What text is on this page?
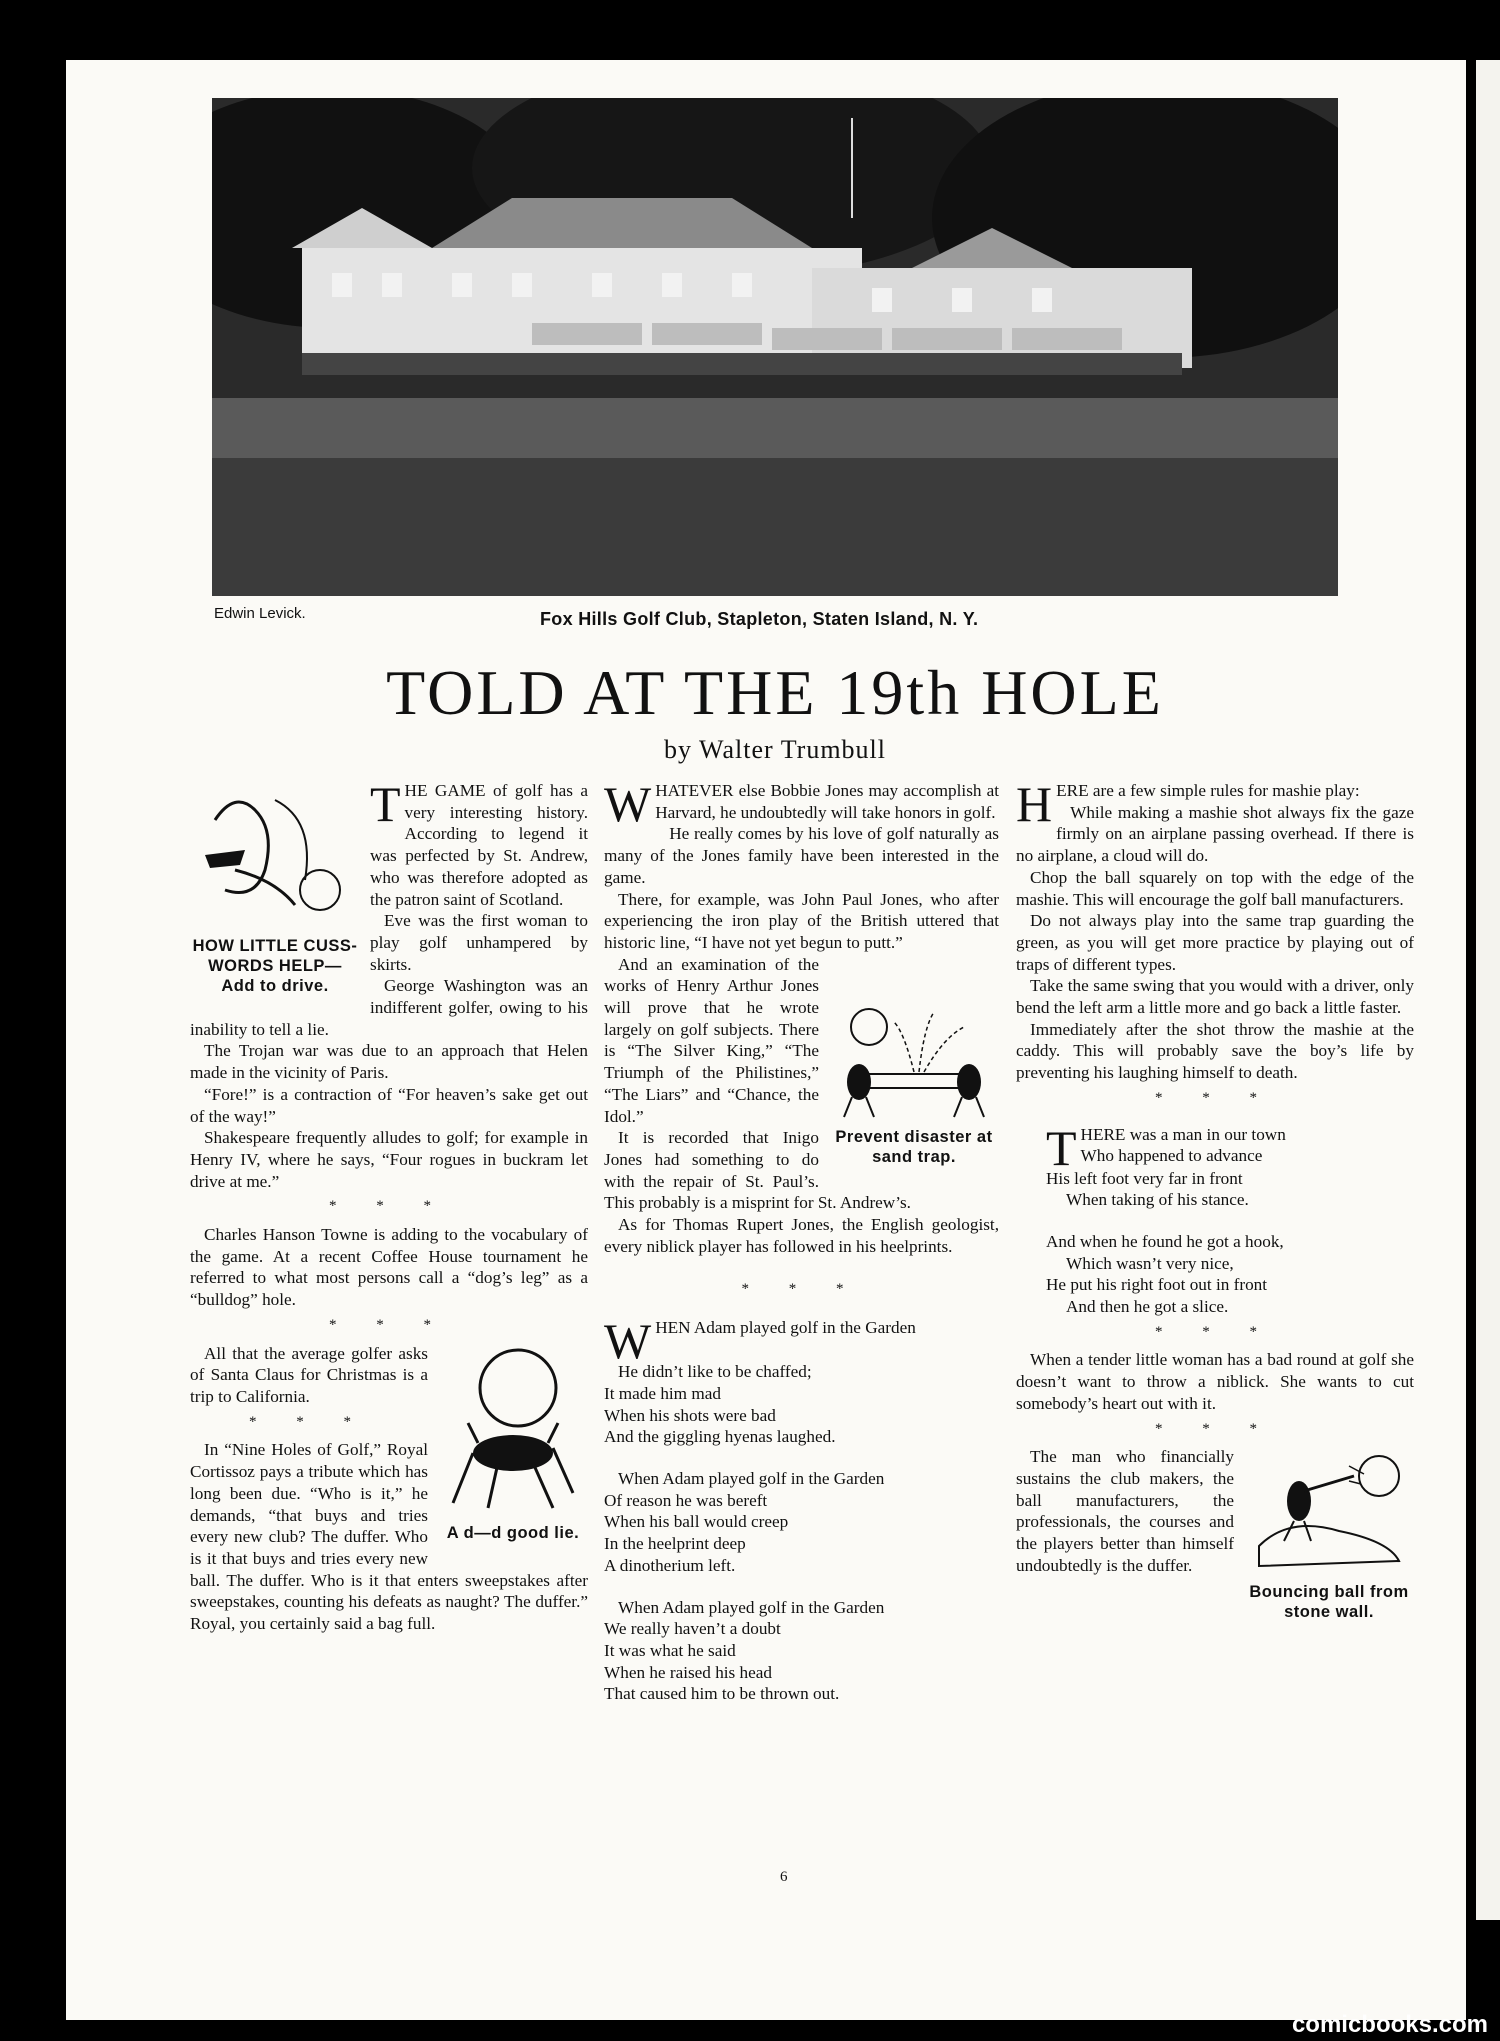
Edwin Levick.	Fox Hills Golf Club, Stapleton, Staten Island, N. Y.
TOLD AT THE 19th HOLE
by Walter Trumbull
HOW LITTLE CUSS-WORDS HELP—
Add to drive.

THE GAME of golf has a very interesting history. According to legend it was perfected by St. Andrew, who was therefore adopted as the patron saint of Scotland.

Eve was the first woman to play golf unhampered by skirts.

George Washington was an indifferent golfer, owing to his inability to tell a lie.

The Trojan war was due to an approach that Helen made in the vicinity of Paris.

“Fore!” is a contraction of “For heaven’s sake get out of the way!”

Shakespeare frequently alludes to golf; for example in Henry IV, where he says, “Four rogues in buckram let drive at me.”

* * *

Charles Hanson Towne is adding to the vocabulary of the game. At a recent Coffee House tournament he referred to what most persons call a “dog’s leg” as a “bulldog” hole.

* * *
A d—d good lie.

All that the average golfer asks of Santa Claus for Christmas is a trip to California.

* * *

In “Nine Holes of Golf,” Royal Cortissoz pays a tribute which has long been due. “Who is it,” he demands, “that buys and tries every new club? The duffer. Who is it that buys and tries every new ball. The duffer. Who is it that enters sweepstakes after sweepstakes, counting his defeats as naught? The duffer.” Royal, you certainly said a bag full.

WHATEVER else Bobbie Jones may accomplish at Harvard, he undoubtedly will take honors in golf.

He really comes by his love of golf naturally as many of the Jones family have been interested in the game.

There, for example, was John Paul Jones, who after experiencing the iron play of the British uttered that historic line, “I have not yet begun to putt.”

Prevent disaster at sand trap.

And an examination of the works of Henry Arthur Jones will prove that he wrote largely on golf subjects. There is “The Silver King,” “The Triumph of the Philistines,” “The Liars” and “Chance, the Idol.”

It is recorded that Inigo Jones had something to do with the repair of St. Paul’s. This probably is a misprint for St. Andrew’s.

As for Thomas Rupert Jones, the English geologist, every niblick player has followed in his heelprints.

* * *

WHEN Adam played golf in the Garden

He didn’t like to be chaffed;
It made him mad
When his shots were bad
And the giggling hyenas laughed.

When Adam played golf in the Garden
Of reason he was bereft
When his ball would creep
In the heelprint deep
A dinotherium left.

When Adam played golf in the Garden
We really haven’t a doubt
It was what he said
When he raised his head
That caused him to be thrown out.

HERE are a few simple rules for mashie play:

While making a mashie shot always fix the gaze firmly on an airplane passing overhead. If there is no airplane, a cloud will do.

Chop the ball squarely on top with the edge of the mashie. This will encourage the golf ball manufacturers.

Do not always play into the same trap guarding the green, as you will get more practice by playing out of traps of different types.

Take the same swing that you would with a driver, only bend the left arm a little more and go back a little faster.

Immediately after the shot throw the mashie at the caddy. This will probably save the boy’s life by preventing his laughing himself to death.

* * *

THERE was a man in our town

Who happened to advance

His left foot very far in front

When taking of his stance.

And when he found he got a hook,

Which wasn’t very nice,

He put his right foot out in front

And then he got a slice.

* * *

When a tender little woman has a bad round at golf she doesn’t want to throw a niblick. She wants to cut somebody’s heart out with it.

* * *
Bouncing ball from stone wall.

The man who financially sustains the club makers, the ball manufacturers, the professionals, the courses and the players better than himself undoubtedly is the duffer.

6
comicbooks.com
